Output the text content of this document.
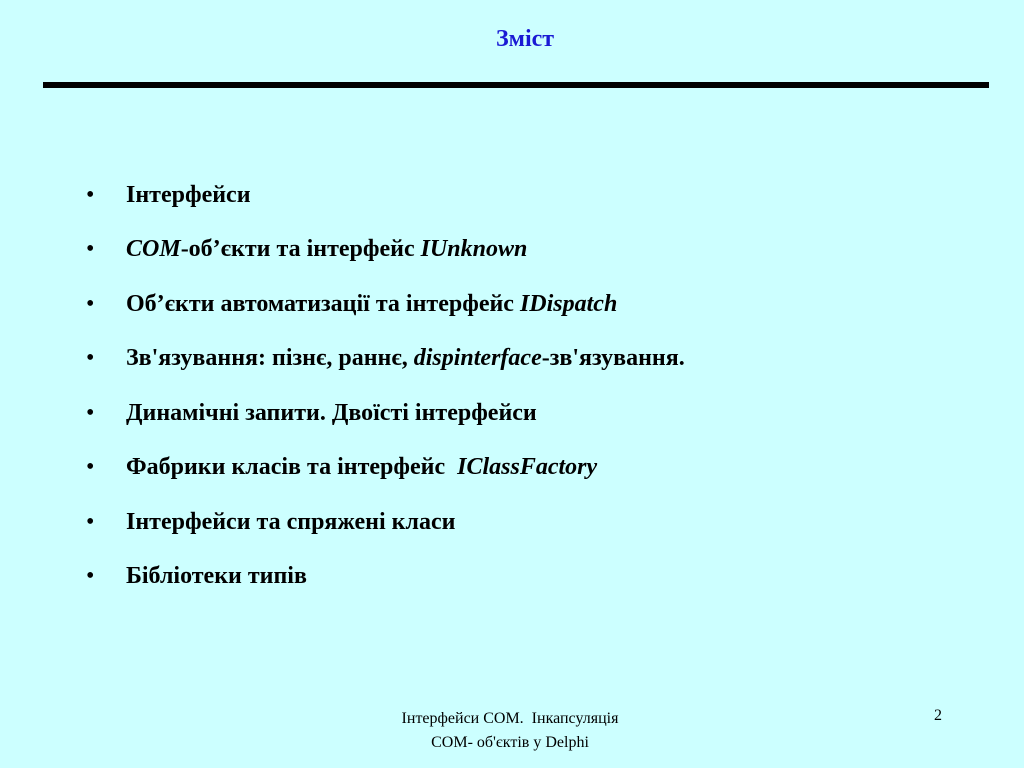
Зміст
•	Інтерфейси
•	COM-об’єкти та інтерфейс IUnknown
•	Об’єкти автоматизації та інтерфейс IDispatch
•	Зв'язування: пізнє, раннє, dispinterface-зв'язування.
•	Динамічні запити. Двоїсті інтерфейси
•	Фабрики класів та інтерфейс  IClassFactory
•	Інтерфейси та спряжені класи
•	Бібліотеки типів
Інтерфейси COM.  Інкапсуляція
COM- об'єктів у Delphi
2
